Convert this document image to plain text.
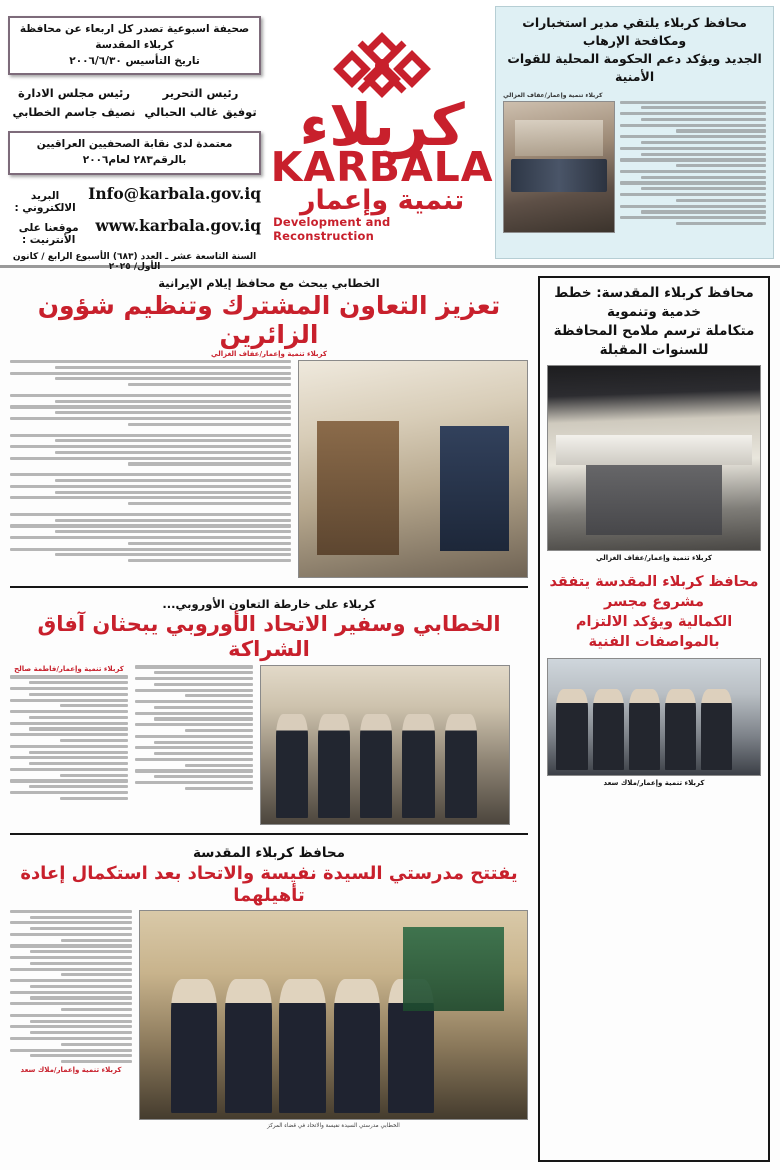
صحيفة اسبوعية تصدر كل اربعاء عن محافظة كربلاء المقدسة
تاريخ التأسيس ٢٠٠٦/٦/٣٠
رئيس التحرير
توفيق غالب الحبالي
رئيس مجلس الادارة
نصيف جاسم الخطابي
معتمدة لدى نقابة الصحفيين العراقيين
بالرقم٢٨٣ لعام٢٠٠٦
Info@karbala.gov.iq
البريد الالكتروني :
www.karbala.gov.iq
موقعنا على الأنترنيت :
السنة التاسعة عشر ـ العدد (٦٨٣) الأسبوع الرابع / كانون الأول/ ٢٠٢٥
كربلاء
KARBALA
تنمية وإعمار
Development and Reconstruction
محافظ كربلاء يلتقي مدير استخبارات ومكافحة الإرهاب
الجديد ويؤكد دعم الحكومة المحلية للقوات الأمنية
كربلاء تنمية وإعمار/عفاف الغزالي
الخطابي يبحث مع محافظ إيلام الإيرانية
تعزيز التعاون المشترك وتنظيم شؤون الزائرين
كربلاء تنمية وإعمار/عفاف الغزالي
كربلاء على خارطة التعاون الأوروبي...
الخطابي وسفير الاتحاد الأوروبي يبحثان آفاق الشراكة
كربلاء تنمية وإعمار/فاطمة صالح
محافظ كربلاء المقدسة
يفتتح مدرستي السيدة نفيسة والاتحاد بعد استكمال إعادة تأهيلهما
كربلاء تنمية وإعمار/ملاك سعد
الخطابي مدرستي السيدة نفيسة والاتحاد في قضاء المركز
محافظ كربلاء المقدسة: خطط خدمية وتنموية
متكاملة ترسم ملامح المحافظة للسنوات المقبلة
كربلاء تنمية وإعمار/عفاف الغزالي
محافظ كربلاء المقدسة يتفقد مشروع مجسر
الكمالية ويؤكد الالتزام بالمواصفات الفنية
كربلاء تنمية وإعمار/ملاك سعد
